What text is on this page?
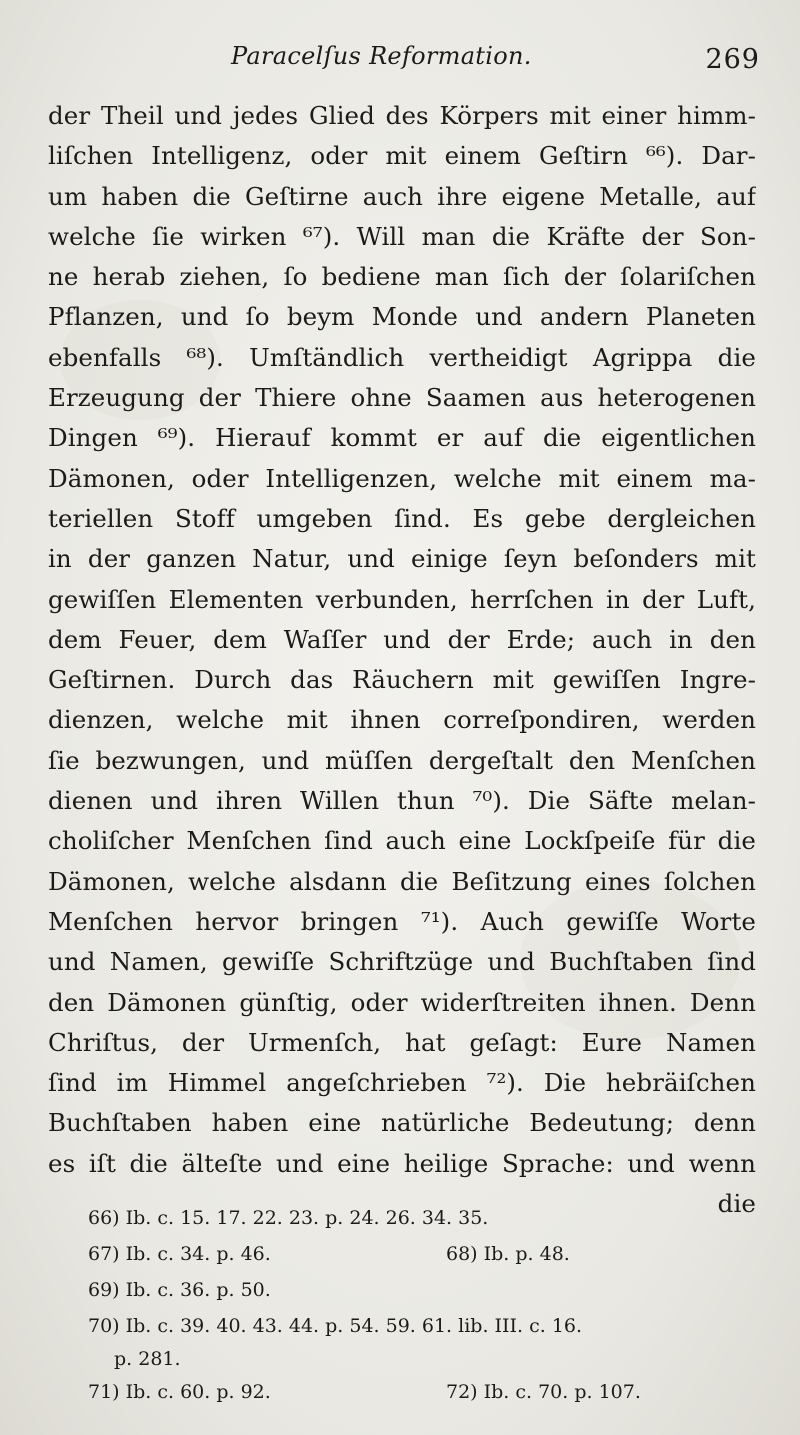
Paracelſus Reformation.	269
der Theil und jedes Glied des Körpers mit einer himm-
liſchen Intelligenz, oder mit einem Geſtirn ⁶⁶). Dar-
um haben die Geſtirne auch ihre eigene Metalle, auf
welche ſie wirken ⁶⁷). Will man die Kräfte der Son-
ne herab ziehen, ſo bediene man ſich der ſolariſchen
Pflanzen, und ſo beym Monde und andern Planeten
ebenfalls ⁶⁸). Umſtändlich vertheidigt Agrippa die
Erzeugung der Thiere ohne Saamen aus heterogenen
Dingen ⁶⁹). Hierauf kommt er auf die eigentlichen
Dämonen, oder Intelligenzen, welche mit einem ma-
teriellen Stoff umgeben ſind. Es gebe dergleichen
in der ganzen Natur, und einige ſeyn beſonders mit
gewiſſen Elementen verbunden, herrſchen in der Luft,
dem Feuer, dem Waſſer und der Erde; auch in den
Geſtirnen. Durch das Räuchern mit gewiſſen Ingre-
dienzen, welche mit ihnen correſpondiren, werden
ſie bezwungen, und müſſen dergeſtalt den Menſchen
dienen und ihren Willen thun ⁷⁰). Die Säfte melan-
choliſcher Menſchen ſind auch eine Lockſpeiſe für die
Dämonen, welche alsdann die Beſitzung eines ſolchen
Menſchen hervor bringen ⁷¹). Auch gewiſſe Worte
und Namen, gewiſſe Schriftzüge und Buchſtaben ſind
den Dämonen günſtig, oder widerſtreiten ihnen. Denn
Chriſtus, der Urmenſch, hat geſagt: Eure Namen
ſind im Himmel angeſchrieben ⁷²). Die hebräiſchen
Buchſtaben haben eine natürliche Bedeutung; denn
es iſt die älteſte und eine heilige Sprache: und wenn
die
66) Ib. c. 15. 17. 22. 23. p. 24. 26. 34. 35.
67) Ib. c. 34. p. 46.	68) Ib. p. 48.
69) Ib. c. 36. p. 50.
70) Ib. c. 39. 40. 43. 44. p. 54. 59. 61. lib. III. c. 16.
p. 281.
71) Ib. c. 60. p. 92.	72) Ib. c. 70. p. 107.
